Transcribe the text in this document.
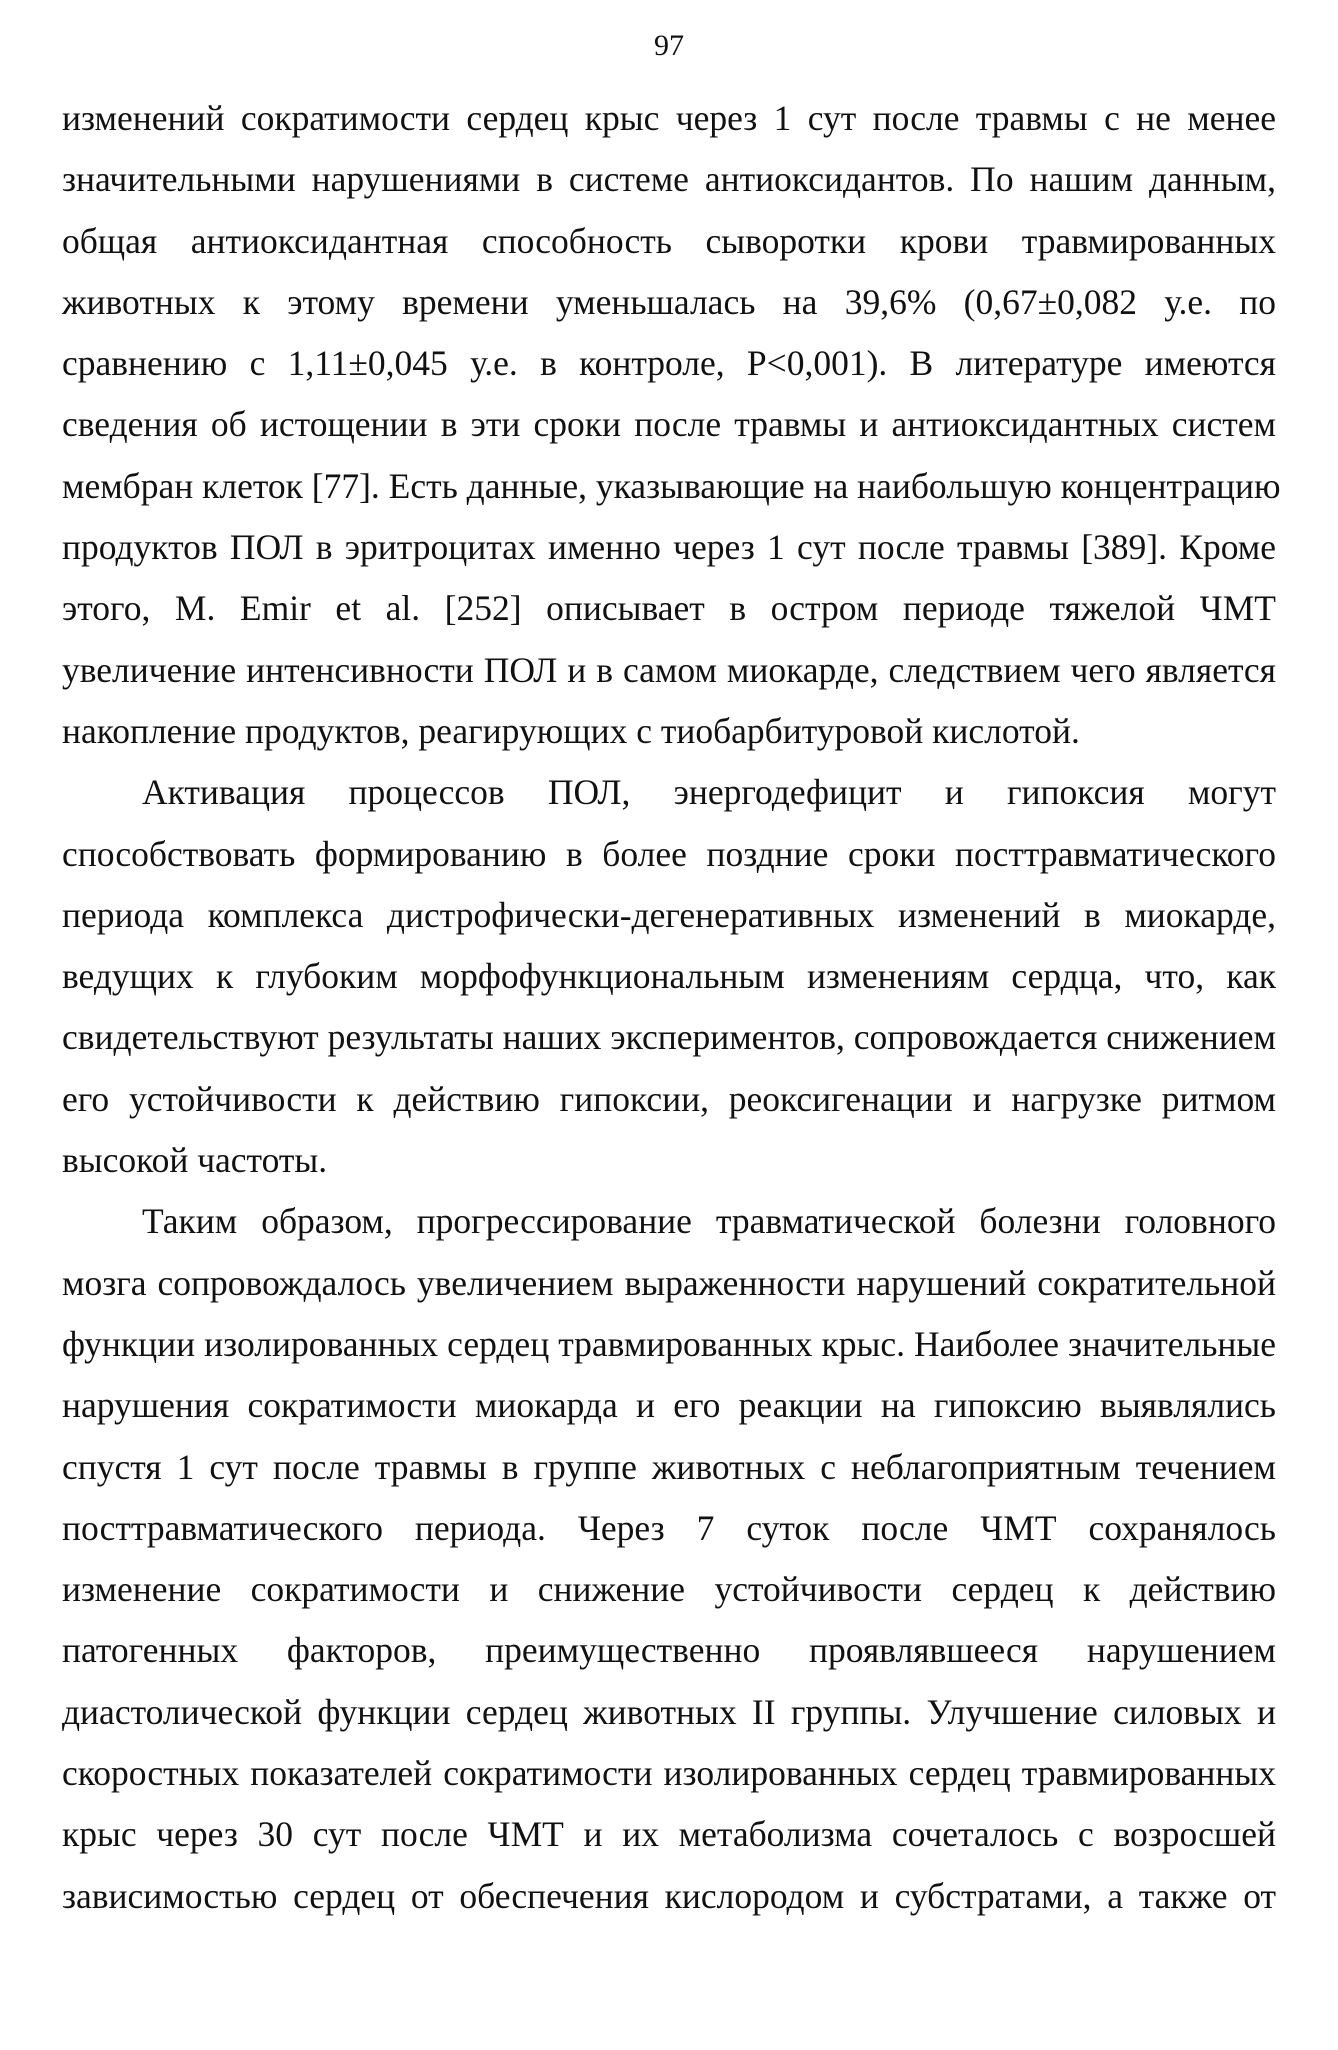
97
изменений сократимости сердец крыс через 1 сут после травмы с не менее
значительными нарушениями в системе антиоксидантов. По нашим данным,
общая антиоксидантная способность сыворотки крови травмированных
животных к этому времени уменьшалась на 39,6% (0,67±0,082 у.е. по
сравнению с 1,11±0,045 у.е. в контроле, Р<0,001). В литературе имеются
сведения об истощении в эти сроки после травмы и антиоксидантных систем
мембран клеток [77]. Есть данные, указывающие на наибольшую концентрацию
продуктов ПОЛ в эритроцитах именно через 1 сут после травмы [389]. Кроме
этого, M. Emir et al. [252] описывает в остром периоде тяжелой ЧМТ
увеличение интенсивности ПОЛ и в самом миокарде, следствием чего является
накопление продуктов, реагирующих с тиобарбитуровой кислотой.
Активация процессов ПОЛ, энергодефицит и гипоксия могут
способствовать формированию в более поздние сроки посттравматического
периода комплекса дистрофически-дегенеративных изменений в миокарде,
ведущих к глубоким морфофункциональным изменениям сердца, что, как
свидетельствуют результаты наших экспериментов, сопровождается снижением
его устойчивости к действию гипоксии, реоксигенации и нагрузке ритмом
высокой частоты.
Таким образом, прогрессирование травматической болезни головного
мозга сопровождалось увеличением выраженности нарушений сократительной
функции изолированных сердец травмированных крыс. Наиболее значительные
нарушения сократимости миокарда и его реакции на гипоксию выявлялись
спустя 1 сут после травмы в группе животных с неблагоприятным течением
посттравматического периода. Через 7 суток после ЧМТ сохранялось
изменение сократимости и снижение устойчивости сердец к действию
патогенных факторов, преимущественно проявлявшееся нарушением
диастолической функции сердец животных II группы. Улучшение силовых и
скоростных показателей сократимости изолированных сердец травмированных
крыс через 30 сут после ЧМТ и их метаболизма сочеталось с возросшей
зависимостью сердец от обеспечения кислородом и субстратами, а также от
